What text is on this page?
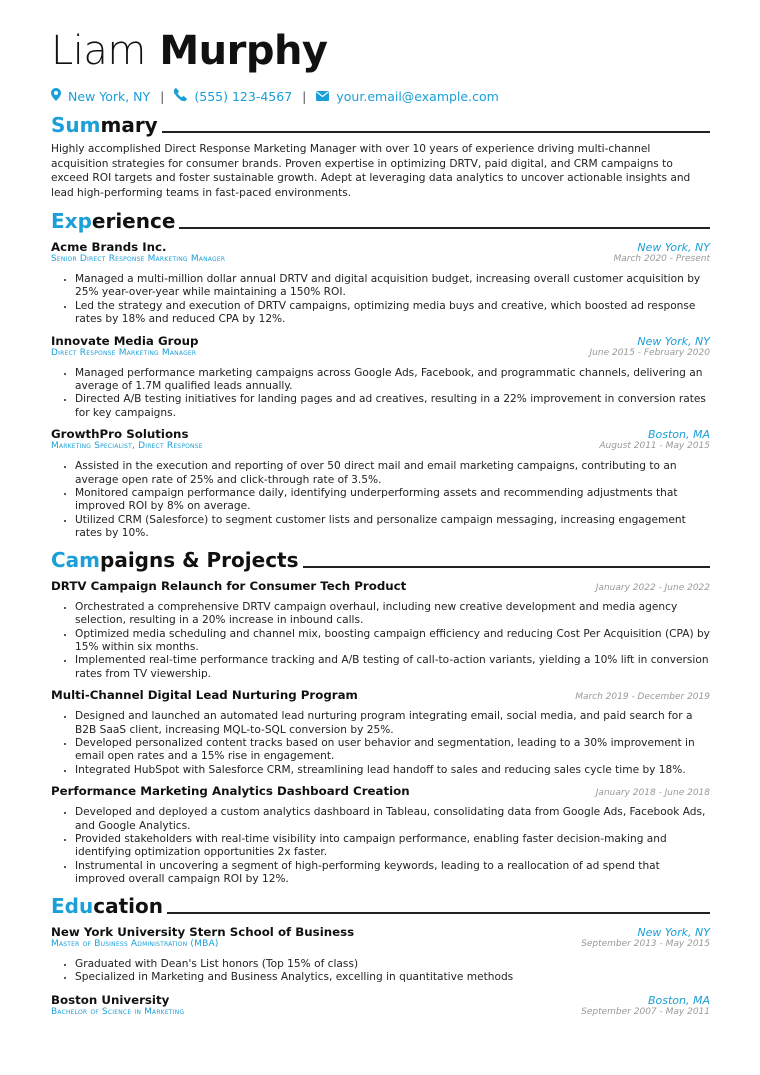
Liam Murphy
New York, NY | (555) 123-4567 | your.email@example.com
Summary
Highly accomplished Direct Response Marketing Manager with over 10 years of experience driving multi-channel acquisition strategies for consumer brands. Proven expertise in optimizing DRTV, paid digital, and CRM campaigns to exceed ROI targets and foster sustainable growth. Adept at leveraging data analytics to uncover actionable insights and lead high-performing teams in fast-paced environments.
Experience
Acme Brands Inc.	New York, NY
Senior Direct Response Marketing Manager	March 2020 - Present
• Managed a multi-million dollar annual DRTV and digital acquisition budget, increasing overall customer acquisition by 25% year-over-year while maintaining a 150% ROI.
• Led the strategy and execution of DRTV campaigns, optimizing media buys and creative, which boosted ad response rates by 18% and reduced CPA by 12%.
Innovate Media Group	New York, NY
Direct Response Marketing Manager	June 2015 - February 2020
• Managed performance marketing campaigns across Google Ads, Facebook, and programmatic channels, delivering an average of 1.7M qualified leads annually.
• Directed A/B testing initiatives for landing pages and ad creatives, resulting in a 22% improvement in conversion rates for key campaigns.
GrowthPro Solutions	Boston, MA
Marketing Specialist, Direct Response	August 2011 - May 2015
• Assisted in the execution and reporting of over 50 direct mail and email marketing campaigns, contributing to an average open rate of 25% and click-through rate of 3.5%.
• Monitored campaign performance daily, identifying underperforming assets and recommending adjustments that improved ROI by 8% on average.
• Utilized CRM (Salesforce) to segment customer lists and personalize campaign messaging, increasing engagement rates by 10%.
Campaigns & Projects
DRTV Campaign Relaunch for Consumer Tech Product	January 2022 - June 2022
• Orchestrated a comprehensive DRTV campaign overhaul, including new creative development and media agency selection, resulting in a 20% increase in inbound calls.
• Optimized media scheduling and channel mix, boosting campaign efficiency and reducing Cost Per Acquisition (CPA) by 15% within six months.
• Implemented real-time performance tracking and A/B testing of call-to-action variants, yielding a 10% lift in conversion rates from TV viewership.
Multi-Channel Digital Lead Nurturing Program	March 2019 - December 2019
• Designed and launched an automated lead nurturing program integrating email, social media, and paid search for a B2B SaaS client, increasing MQL-to-SQL conversion by 25%.
• Developed personalized content tracks based on user behavior and segmentation, leading to a 30% improvement in email open rates and a 15% rise in engagement.
• Integrated HubSpot with Salesforce CRM, streamlining lead handoff to sales and reducing sales cycle time by 18%.
Performance Marketing Analytics Dashboard Creation	January 2018 - June 2018
• Developed and deployed a custom analytics dashboard in Tableau, consolidating data from Google Ads, Facebook Ads, and Google Analytics.
• Provided stakeholders with real-time visibility into campaign performance, enabling faster decision-making and identifying optimization opportunities 2x faster.
• Instrumental in uncovering a segment of high-performing keywords, leading to a reallocation of ad spend that improved overall campaign ROI by 12%.
Education
New York University Stern School of Business	New York, NY
Master of Business Administration (MBA)	September 2013 - May 2015
• Graduated with Dean's List honors (Top 15% of class)
• Specialized in Marketing and Business Analytics, excelling in quantitative methods
Boston University	Boston, MA
Bachelor of Science in Marketing	September 2007 - May 2011
